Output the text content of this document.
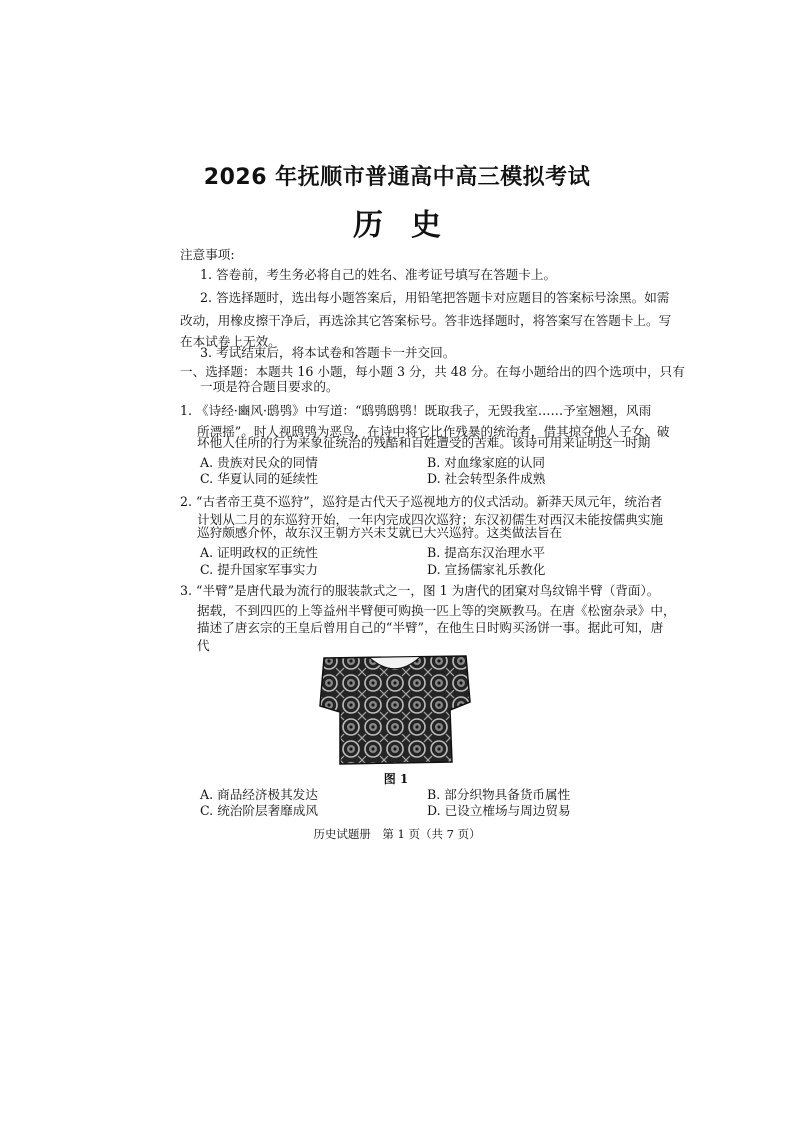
2026 年抚顺市普通高中高三模拟考试
历史
注意事项:
1. 答卷前，考生务必将自己的姓名、准考证号填写在答题卡上。
2. 答选择题时，选出每小题答案后，用铅笔把答题卡对应题目的答案标号涂黑。如需
改动，用橡皮擦干净后，再选涂其它答案标号。答非选择题时，将答案写在答题卡上。写
在本试卷上无效。
3. 考试结束后，将本试卷和答题卡一并交回。
一、选择题：本题共 16 小题，每小题 3 分，共 48 分。在每小题给出的四个选项中，只有
一项是符合题目要求的。
1. 《诗经·豳风·鸱鸮》中写道：“鸱鸮鸱鸮！既取我子，无毁我室……予室翘翘，风雨
所漂摇”。时人视鸱鸮为恶鸟，在诗中将它比作残暴的统治者，借其掠夺他人子女、破
坏他人住所的行为来象征统治的残酷和百姓遭受的苦难。该诗可用来证明这一时期
A. 贵族对民众的同情	B. 对血缘家庭的认同
C. 华夏认同的延续性	D. 社会转型条件成熟
2. “古者帝王莫不巡狩”，巡狩是古代天子巡视地方的仪式活动。新莽天凤元年，统治者
计划从二月的东巡狩开始，一年内完成四次巡狩；东汉初儒生对西汉未能按儒典实施
巡狩颇感介怀，故东汉王朝方兴未艾就已大兴巡狩。这类做法旨在
A. 证明政权的正统性	B. 提高东汉治理水平
C. 提升国家军事实力	D. 宣扬儒家礼乐教化
3. “半臂”是唐代最为流行的服装款式之一，图 1 为唐代的团窠对鸟纹锦半臂（背面）。
据载，不到四匹的上等益州半臂便可购换一匹上等的突厥教马。在唐《松窗杂录》中，
描述了唐玄宗的王皇后曾用自己的“半臂”，在他生日时购买汤饼一事。据此可知，唐
代
图 1
A. 商品经济极其发达	B. 部分织物具备货币属性
C. 统治阶层奢靡成风	D. 已设立榷场与周边贸易
历史试题册　第 1 页（共 7 页）
